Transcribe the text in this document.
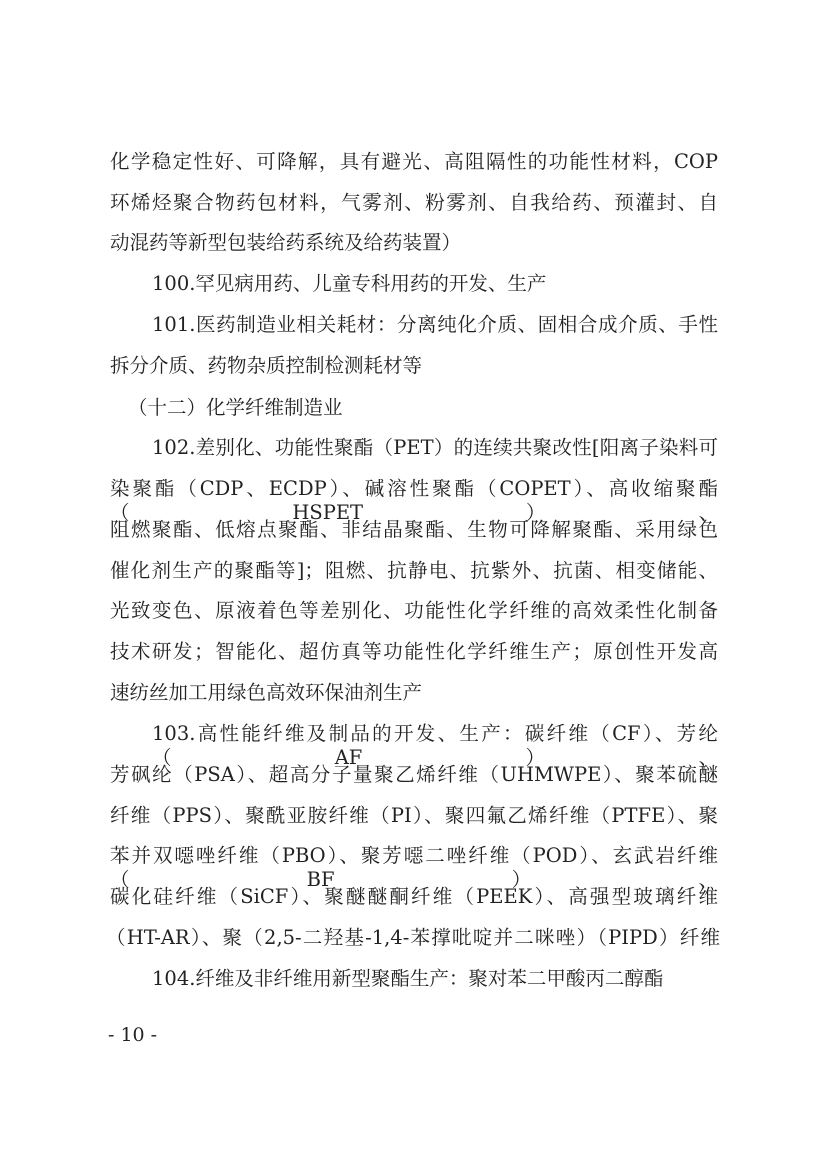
化学稳定性好、可降解，具有避光、高阻隔性的功能性材料，COP
环烯烃聚合物药包材料，气雾剂、粉雾剂、自我给药、预灌封、自
动混药等新型包装给药系统及给药装置）
100.罕见病用药、儿童专科用药的开发、生产
101.医药制造业相关耗材：分离纯化介质、固相合成介质、手性
拆分介质、药物杂质控制检测耗材等
（十二）化学纤维制造业
102.差别化、功能性聚酯（PET）的连续共聚改性[阳离子染料可
染聚酯（CDP、ECDP）、碱溶性聚酯（COPET）、高收缩聚酯（HSPET）、
阻燃聚酯、低熔点聚酯、非结晶聚酯、生物可降解聚酯、采用绿色
催化剂生产的聚酯等]；阻燃、抗静电、抗紫外、抗菌、相变储能、
光致变色、原液着色等差别化、功能性化学纤维的高效柔性化制备
技术研发；智能化、超仿真等功能性化学纤维生产；原创性开发高
速纺丝加工用绿色高效环保油剂生产
103.高性能纤维及制品的开发、生产：碳纤维（CF）、芳纶（AF）、
芳砜纶（PSA）、超高分子量聚乙烯纤维（UHMWPE）、聚苯硫醚
纤维（PPS）、聚酰亚胺纤维（PI）、聚四氟乙烯纤维（PTFE）、聚
苯并双噁唑纤维（PBO）、聚芳噁二唑纤维（POD）、玄武岩纤维（BF）、
碳化硅纤维（SiCF）、聚醚醚酮纤维（PEEK）、高强型玻璃纤维
（HT-AR）、聚（2,5-二羟基-1,4-苯撑吡啶并二咪唑）（PIPD）纤维
104.纤维及非纤维用新型聚酯生产：聚对苯二甲酸丙二醇酯
- 10 -
